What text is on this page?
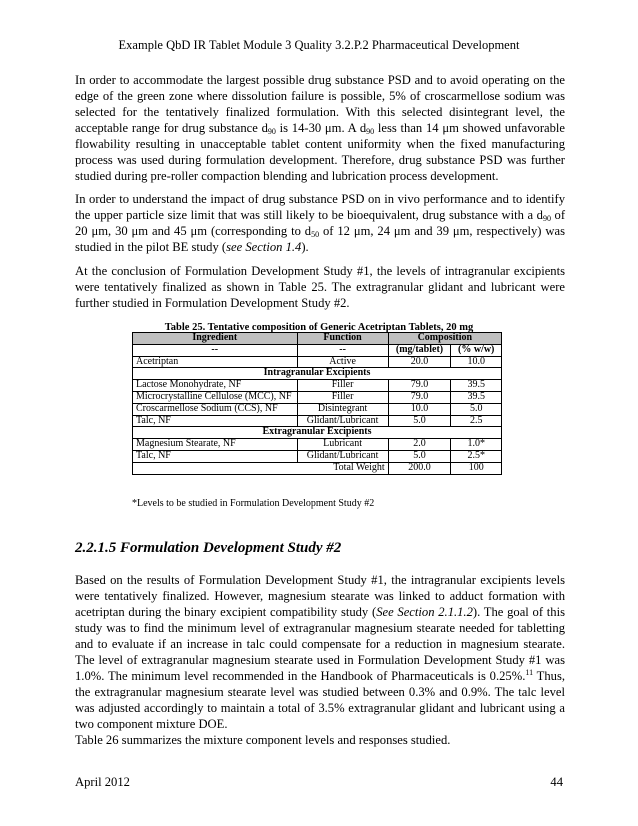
Example QbD IR Tablet Module 3 Quality 3.2.P.2 Pharmaceutical Development

In order to accommodate the largest possible drug substance PSD and to avoid operating on the edge of the green zone where dissolution failure is possible, 5% of croscarmellose sodium was selected for the tentatively finalized formulation. With this selected disintegrant level, the acceptable range for drug substance $d_{90}$ is 14-30 μm. A $d_{90}$ less than 14 μm showed unfavorable flowability resulting in unacceptable tablet content uniformity when the fixed manufacturing process was used during formulation development. Therefore, drug substance PSD was further studied during pre-roller compaction blending and lubrication process development.

In order to understand the impact of drug substance PSD on in vivo performance and to identify the upper particle size limit that was still likely to be bioequivalent, drug substance with a $d_{90}$ of 20 μm, 30 μm and 45 μm (corresponding to $d_{50}$ of 12 μm, 24 μm and 39 μm, respectively) was studied in the pilot BE study (see Section 1.4).

At the conclusion of Formulation Development Study #1, the levels of intragranular excipients were tentatively finalized as shown in Table 25. The extragranular glidant and lubricant were further studied in Formulation Development Study #2.

Table 25. Tentative composition of Generic Acetriptan Tablets, 20 mg
Ingredient	Function	Composition	
--	--	(mg/tablet)	(% w/w)
Acetriptan	Active	20.0	10.0
Intragranular Excipients			
Lactose Monohydrate, NF	Filler	79.0	39.5
Microcrystalline Cellulose (MCC), NF	Filler	79.0	39.5
Croscarmellose Sodium (CCS), NF	Disintegrant	10.0	5.0
Talc, NF	Glidant/Lubricant	5.0	2.5
Extragranular Excipients			
Magnesium Stearate, NF	Lubricant	2.0	1.0*
Talc, NF	Glidant/Lubricant	5.0	2.5*
Total Weight		200.0	100
*Levels to be studied in Formulation Development Study #2
2.2.1.5 Formulation Development Study #2

Based on the results of Formulation Development Study #1, the intragranular excipients levels were tentatively finalized. However, magnesium stearate was linked to adduct formation with acetriptan during the binary excipient compatibility study (See Section 2.1.1.2). The goal of this study was to find the minimum level of extragranular magnesium stearate needed for tabletting and to evaluate if an increase in talc could compensate for a reduction in magnesium stearate. The level of extragranular magnesium stearate used in Formulation Development Study #1 was 1.0%. The minimum level recommended in the Handbook of Pharmaceuticals is 0.25%.$^{11}$ Thus, the extragranular magnesium stearate level was studied between 0.3% and 0.9%. The talc level was adjusted accordingly to maintain a total of 3.5% extragranular glidant and lubricant using a two component mixture DOE.

Table 26 summarizes the mixture component levels and responses studied.

April 2012	44
